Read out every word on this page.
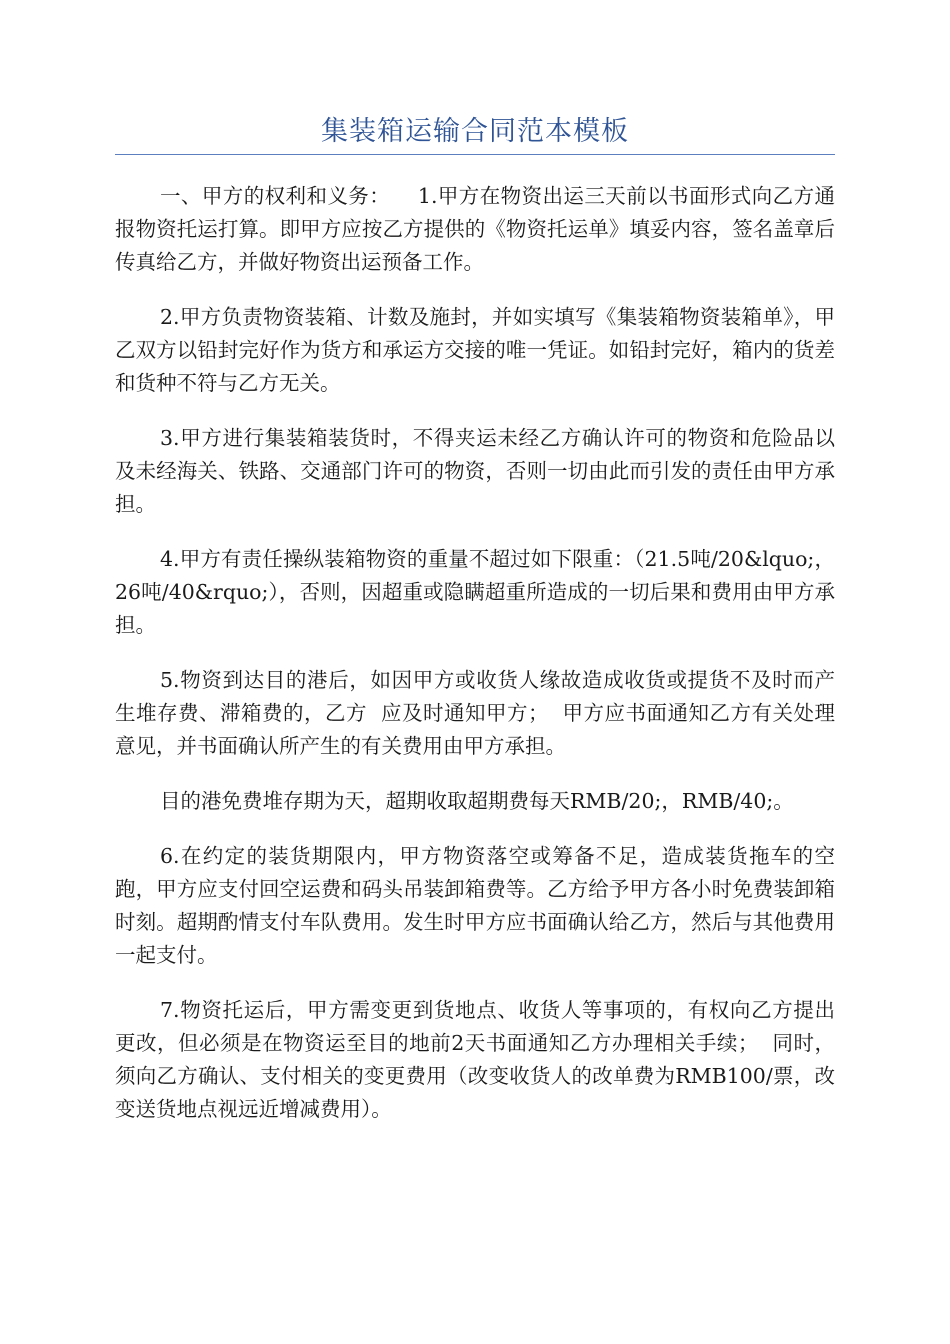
集装箱运输合同范本模板

一、甲方的权利和义务：    1.甲方在物资出运三天前以书面形式向乙方通报物资托运打算。即甲方应按乙方提供的《物资托运单》填妥内容，签名盖章后传真给乙方，并做好物资出运预备工作。

2.甲方负责物资装箱、计数及施封，并如实填写《集装箱物资装箱单》，甲乙双方以铅封完好作为货方和承运方交接的唯一凭证。如铅封完好，箱内的货差和货种不符与乙方无关。

3.甲方进行集装箱装货时，不得夹运未经乙方确认许可的物资和危险品以及未经海关、铁路、交通部门许可的物资，否则一切由此而引发的责任由甲方承担。

4.甲方有责任操纵装箱物资的重量不超过如下限重：（21.5吨/20&lquo;，26吨/40&rquo;），否则，因超重或隐瞒超重所造成的一切后果和费用由甲方承担。

5.物资到达目的港后，如因甲方或收货人缘故造成收货或提货不及时而产生堆存费、滞箱费的，乙方  应及时通知甲方；  甲方应书面通知乙方有关处理意见，并书面确认所产生的有关费用由甲方承担。

目的港免费堆存期为天，超期收取超期费每天RMB/20;，RMB/40;。

6.在约定的装货期限内，甲方物资落空或筹备不足，造成装货拖车的空跑，甲方应支付回空运费和码头吊装卸箱费等。乙方给予甲方各小时免费装卸箱时刻。超期酌情支付车队费用。发生时甲方应书面确认给乙方，然后与其他费用一起支付。

7.物资托运后，甲方需变更到货地点、收货人等事项的，有权向乙方提出更改，但必须是在物资运至目的地前2天书面通知乙方办理相关手续；  同时，须向乙方确认、支付相关的变更费用（改变收货人的改单费为RMB100/票，改变送货地点视远近增减费用）。
